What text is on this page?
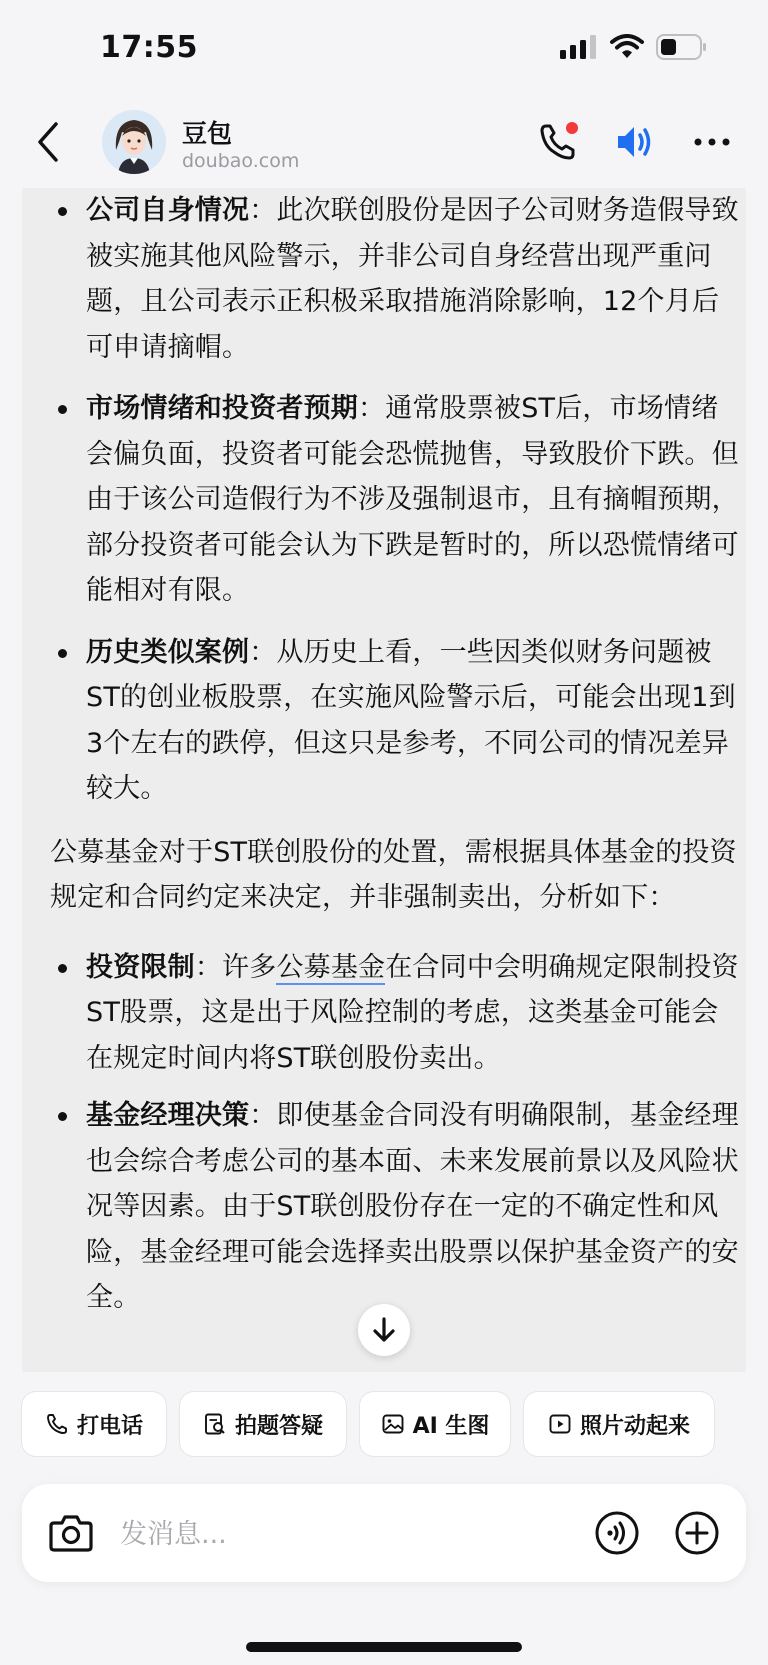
17:55
豆包
doubao.com
公司自身情况：此次联创股份是因子公司财务造假导致被实施其他风险警示，并非公司自身经营出现严重问题，且公司表示正积极采取措施消除影响，12个月后可申请摘帽。
市场情绪和投资者预期：通常股票被ST后，市场情绪会偏负面，投资者可能会恐慌抛售，导致股价下跌。但由于该公司造假行为不涉及强制退市，且有摘帽预期，部分投资者可能会认为下跌是暂时的，所以恐慌情绪可能相对有限。
历史类似案例：从历史上看，一些因类似财务问题被ST的创业板股票，在实施风险警示后，可能会出现1到3个左右的跌停，但这只是参考，不同公司的情况差异较大。
公募基金对于ST联创股份的处置，需根据具体基金的投资规定和合同约定来决定，并非强制卖出，分析如下：
投资限制：许多公募基金在合同中会明确规定限制投资ST股票，这是出于风险控制的考虑，这类基金可能会在规定时间内将ST联创股份卖出。
基金经理决策：即使基金合同没有明确限制，基金经理也会综合考虑公司的基本面、未来发展前景以及风险状况等因素。由于ST联创股份存在一定的不确定性和风险，基金经理可能会选择卖出股票以保护基金资产的安全。
打电话	拍题答疑	AI 生图	照片动起来
发消息...
